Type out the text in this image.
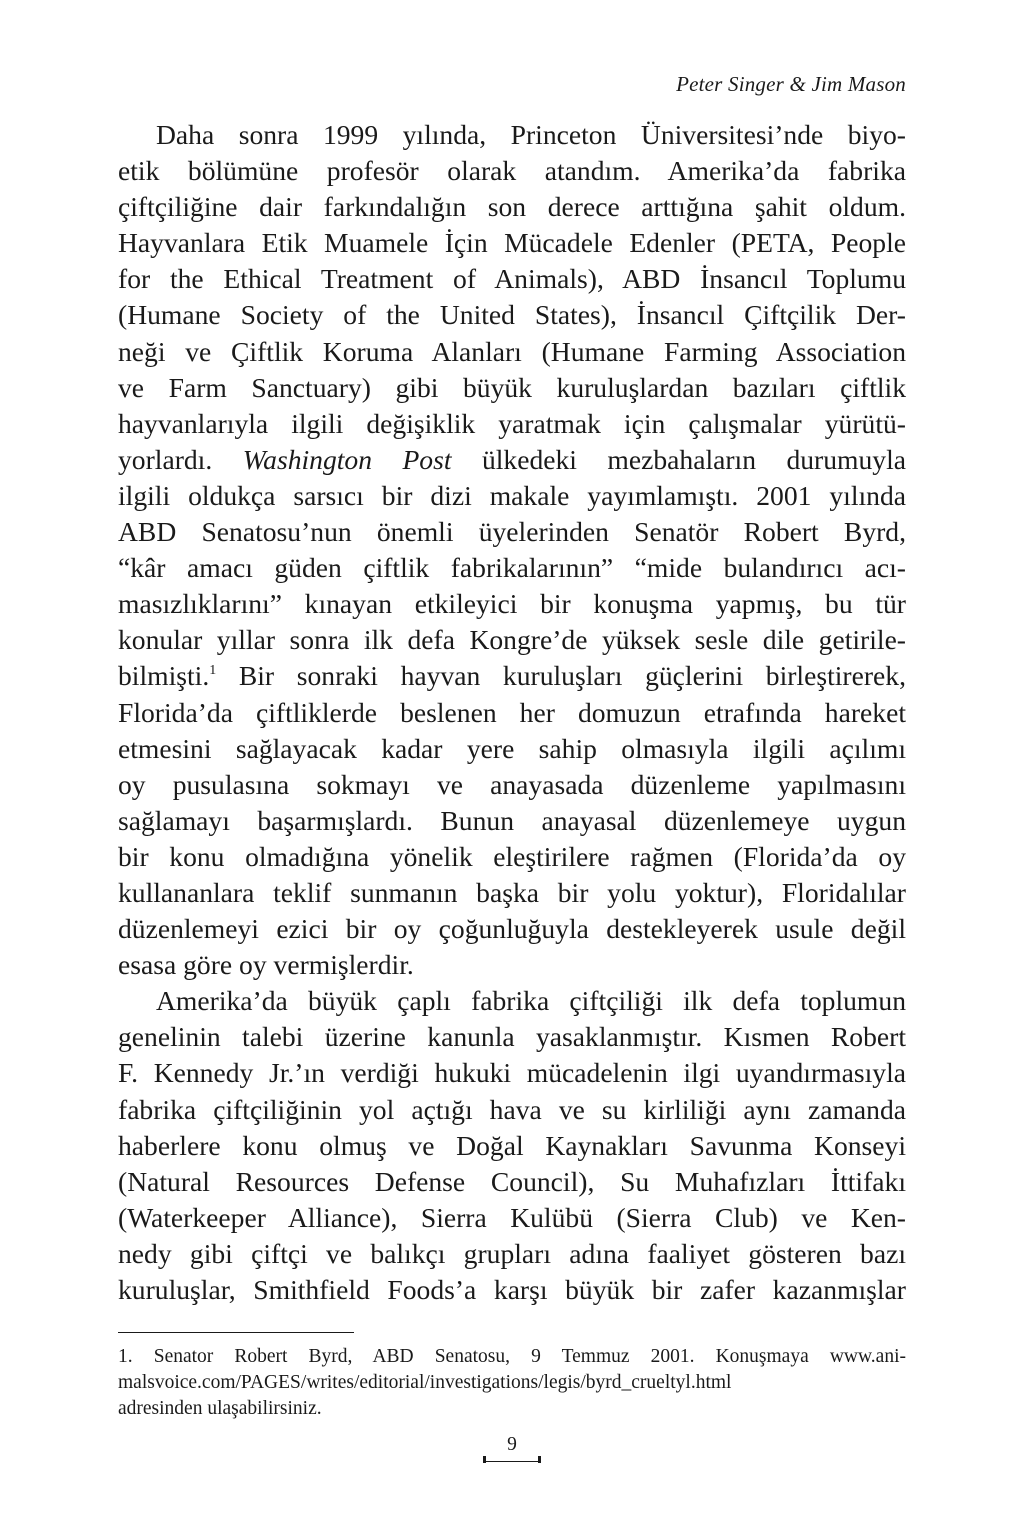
Peter Singer & Jim Mason
Daha sonra 1999 yılında, Princeton Üniversitesi’nde biyo-
etik bölümüne profesör olarak atandım. Amerika’da fabrika
çiftçiliğine dair farkındalığın son derece arttığına şahit oldum.
Hayvanlara Etik Muamele İçin Mücadele Edenler (PETA, People
for the Ethical Treatment of Animals), ABD İnsancıl Toplumu
(Humane Society of the United States), İnsancıl Çiftçilik Der-
neği ve Çiftlik Koruma Alanları (Humane Farming Association
ve Farm Sanctuary) gibi büyük kuruluşlardan bazıları çiftlik
hayvanlarıyla ilgili değişiklik yaratmak için çalışmalar yürütü-
yorlardı. Washington Post ülkedeki mezbahaların durumuyla
ilgili oldukça sarsıcı bir dizi makale yayımlamıştı. 2001 yılında
ABD Senatosu’nun önemli üyelerinden Senatör Robert Byrd,
“kâr amacı güden çiftlik fabrikalarının” “mide bulandırıcı acı-
masızlıklarını” kınayan etkileyici bir konuşma yapmış, bu tür
konular yıllar sonra ilk defa Kongre’de yüksek sesle dile getirile-
bilmişti.$^1$ Bir sonraki hayvan kuruluşları güçlerini birleştirerek,
Florida’da çiftliklerde beslenen her domuzun etrafında hareket
etmesini sağlayacak kadar yere sahip olmasıyla ilgili açılımı
oy pusulasına sokmayı ve anayasada düzenleme yapılmasını
sağlamayı başarmışlardı. Bunun anayasal düzenlemeye uygun
bir konu olmadığına yönelik eleştirilere rağmen (Florida’da oy
kullananlara teklif sunmanın başka bir yolu yoktur), Floridalılar
düzenlemeyi ezici bir oy çoğunluğuyla destekleyerek usule değil
esasa göre oy vermişlerdir.
Amerika’da büyük çaplı fabrika çiftçiliği ilk defa toplumun
genelinin talebi üzerine kanunla yasaklanmıştır. Kısmen Robert
F. Kennedy Jr.’ın verdiği hukuki mücadelenin ilgi uyandırmasıyla
fabrika çiftçiliğinin yol açtığı hava ve su kirliliği aynı zamanda
haberlere konu olmuş ve Doğal Kaynakları Savunma Konseyi
(Natural Resources Defense Council), Su Muhafızları İttifakı
(Waterkeeper Alliance), Sierra Kulübü (Sierra Club) ve Ken-
nedy gibi çiftçi ve balıkçı grupları adına faaliyet gösteren bazı
kuruluşlar, Smithfield Foods’a karşı büyük bir zafer kazanmışlar
1. Senator Robert Byrd, ABD Senatosu, 9 Temmuz 2001. Konuşmaya www.ani-
malsvoice.com/PAGES/writes/editorial/investigations/legis/byrd_crueltyl.html
adresinden ulaşabilirsiniz.
9
